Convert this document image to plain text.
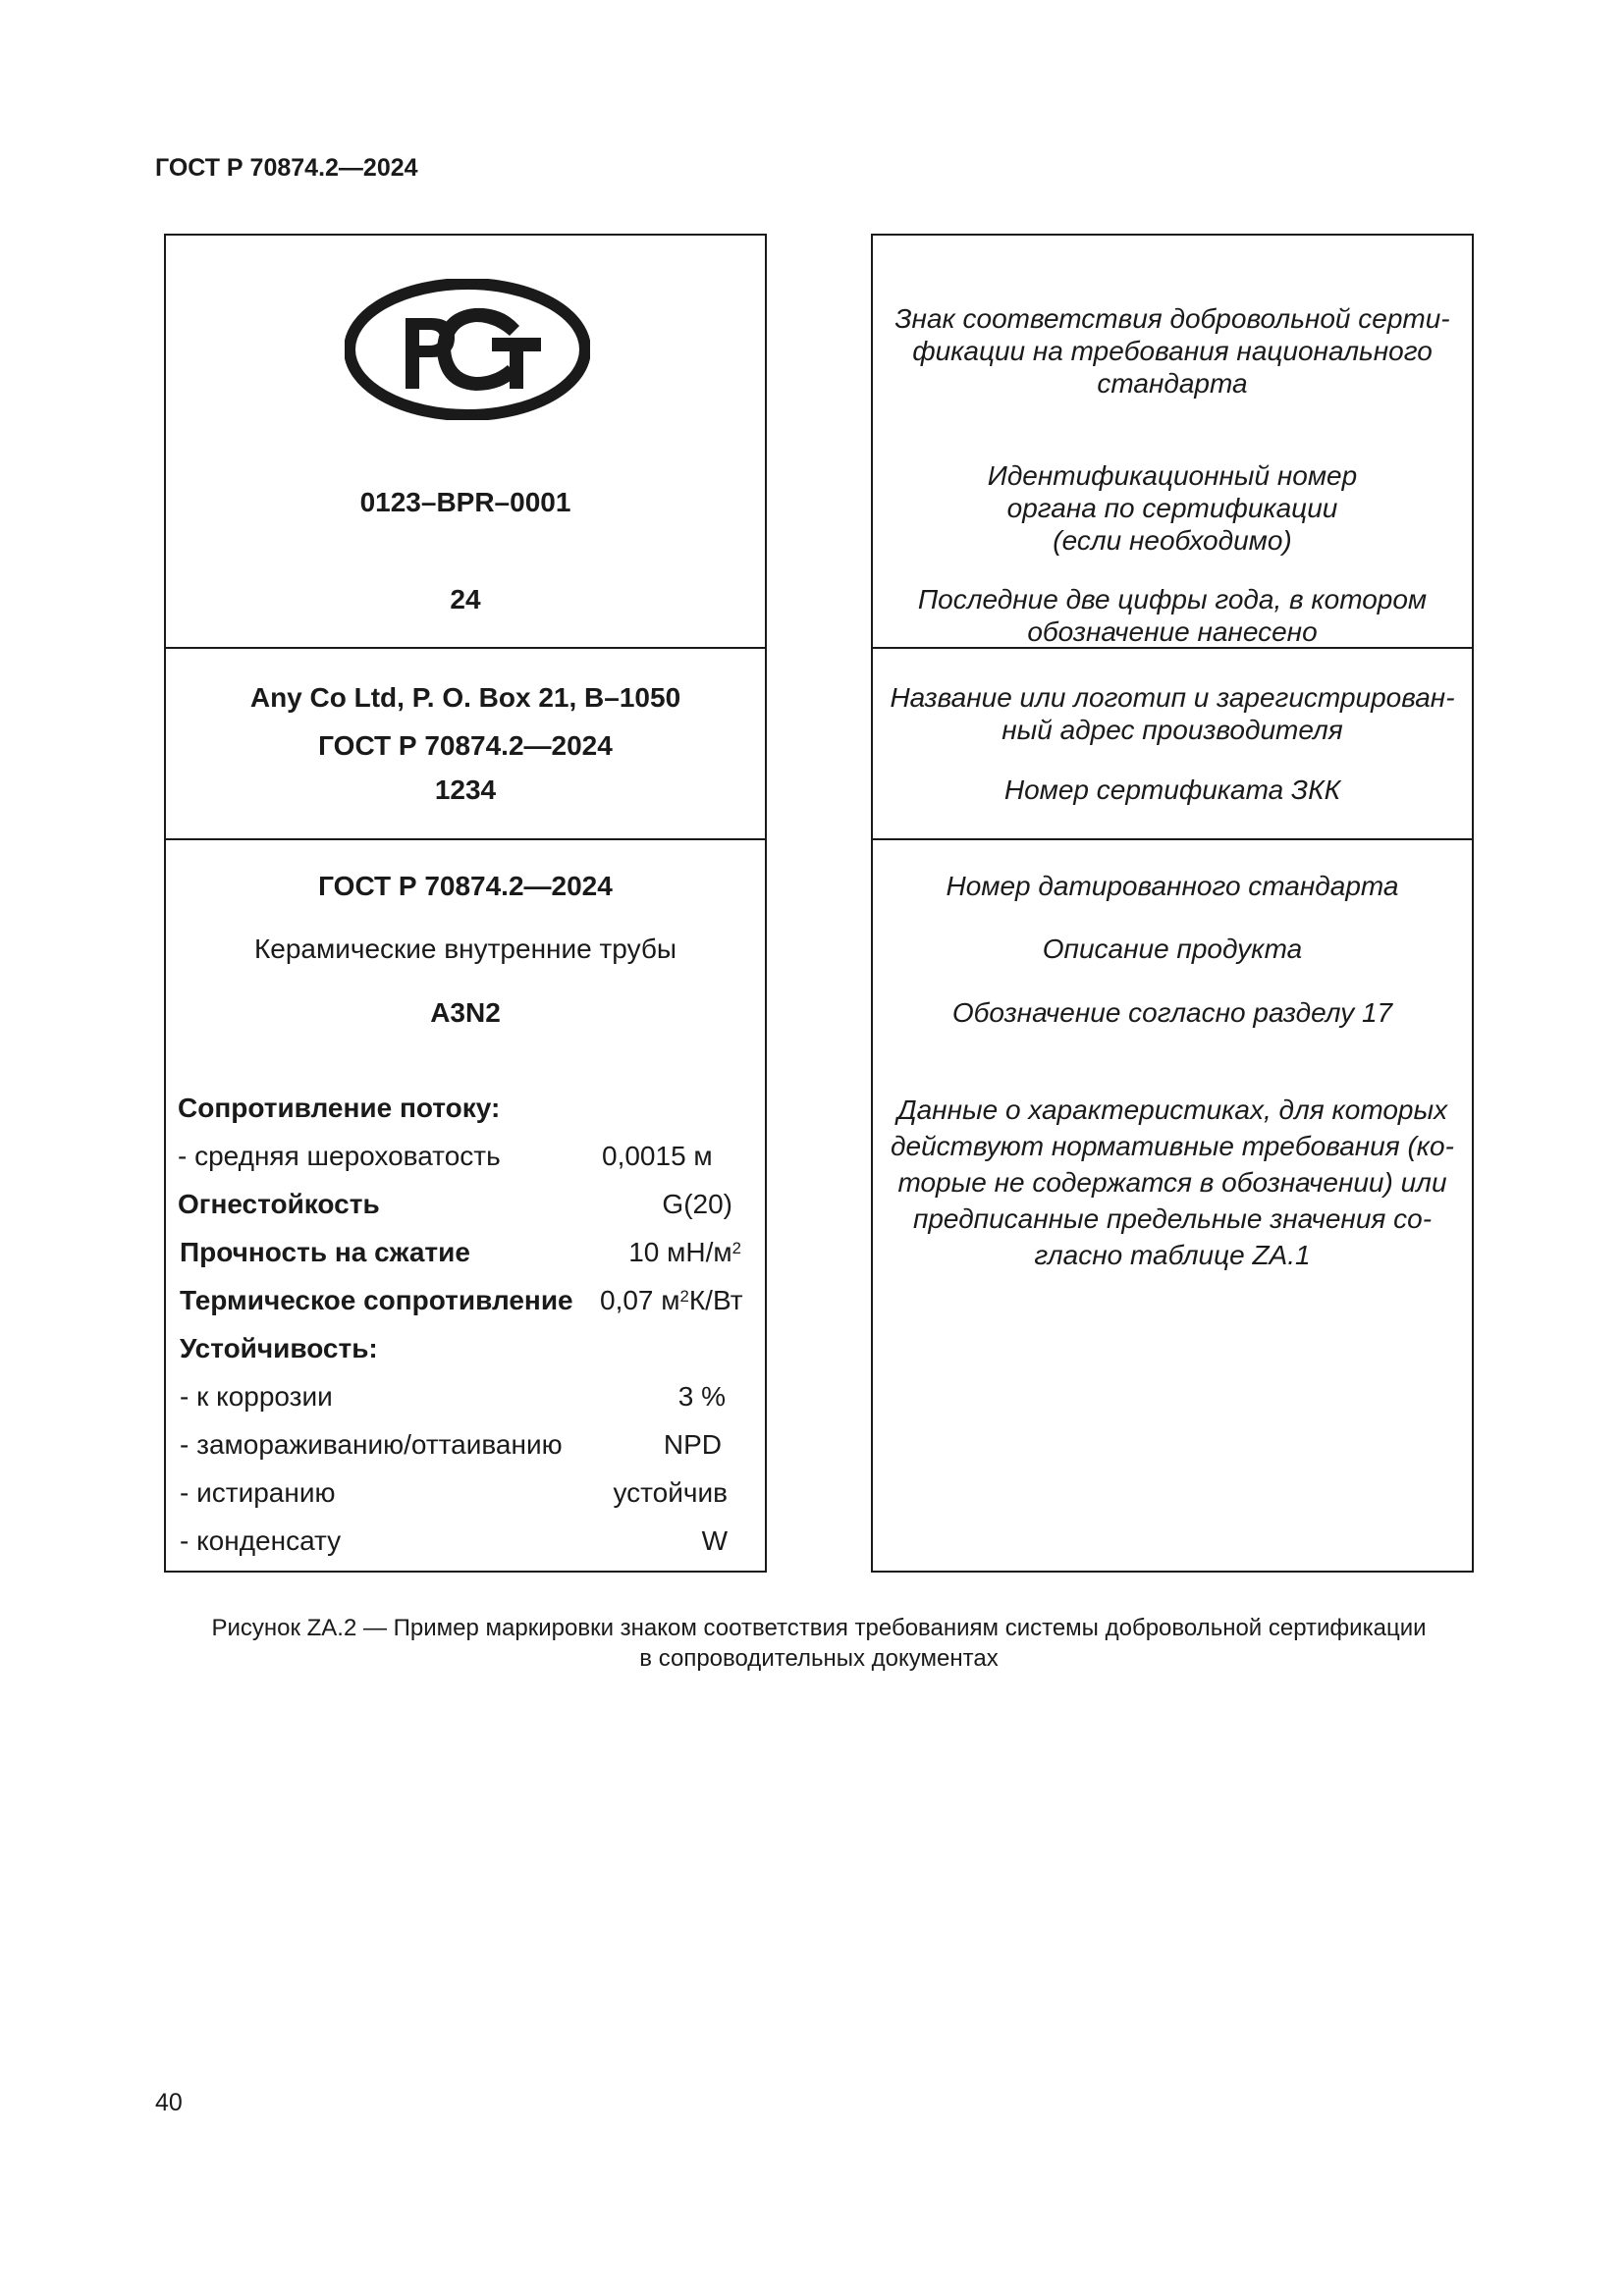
ГОСТ Р 70874.2—2024
0123–BPR–0001
24
Any Co Ltd, P. O. Box 21, B–1050
ГОСТ Р 70874.2—2024
1234
ГОСТ Р 70874.2—2024
Керамические внутренние трубы
A3N2
Сопротивление потоку:
- средняя шероховатость	0,0015 м
Огнестойкость	G(20)
Прочность на сжатие	10 $мН/м^2$
Термическое сопротивление 0,07 $м^2К/Вт$
Устойчивость:
- к коррозии	3 %
- замораживанию/оттаиванию	NPD
- истиранию	устойчив
- конденсату	W
Знак соответствия добровольной серти-фикации на требования национального стандарта
Идентификационный номер органа по сертификации (если необходимо)
Последние две цифры года, в котором обозначение нанесено
Название или логотип и зарегистрирован-ный адрес производителя
Номер сертификата ЗКК
Номер датированного стандарта
Описание продукта
Обозначение согласно разделу 17
Данные о характеристиках, для которых действуют нормативные требования (ко-торые не содержатся в обозначении) или предписанные предельные значения со-гласно таблице ZA.1
Рисунок ZA.2 — Пример маркировки знаком соответствия требованиям системы добровольной сертификации
в сопроводительных документах
40
